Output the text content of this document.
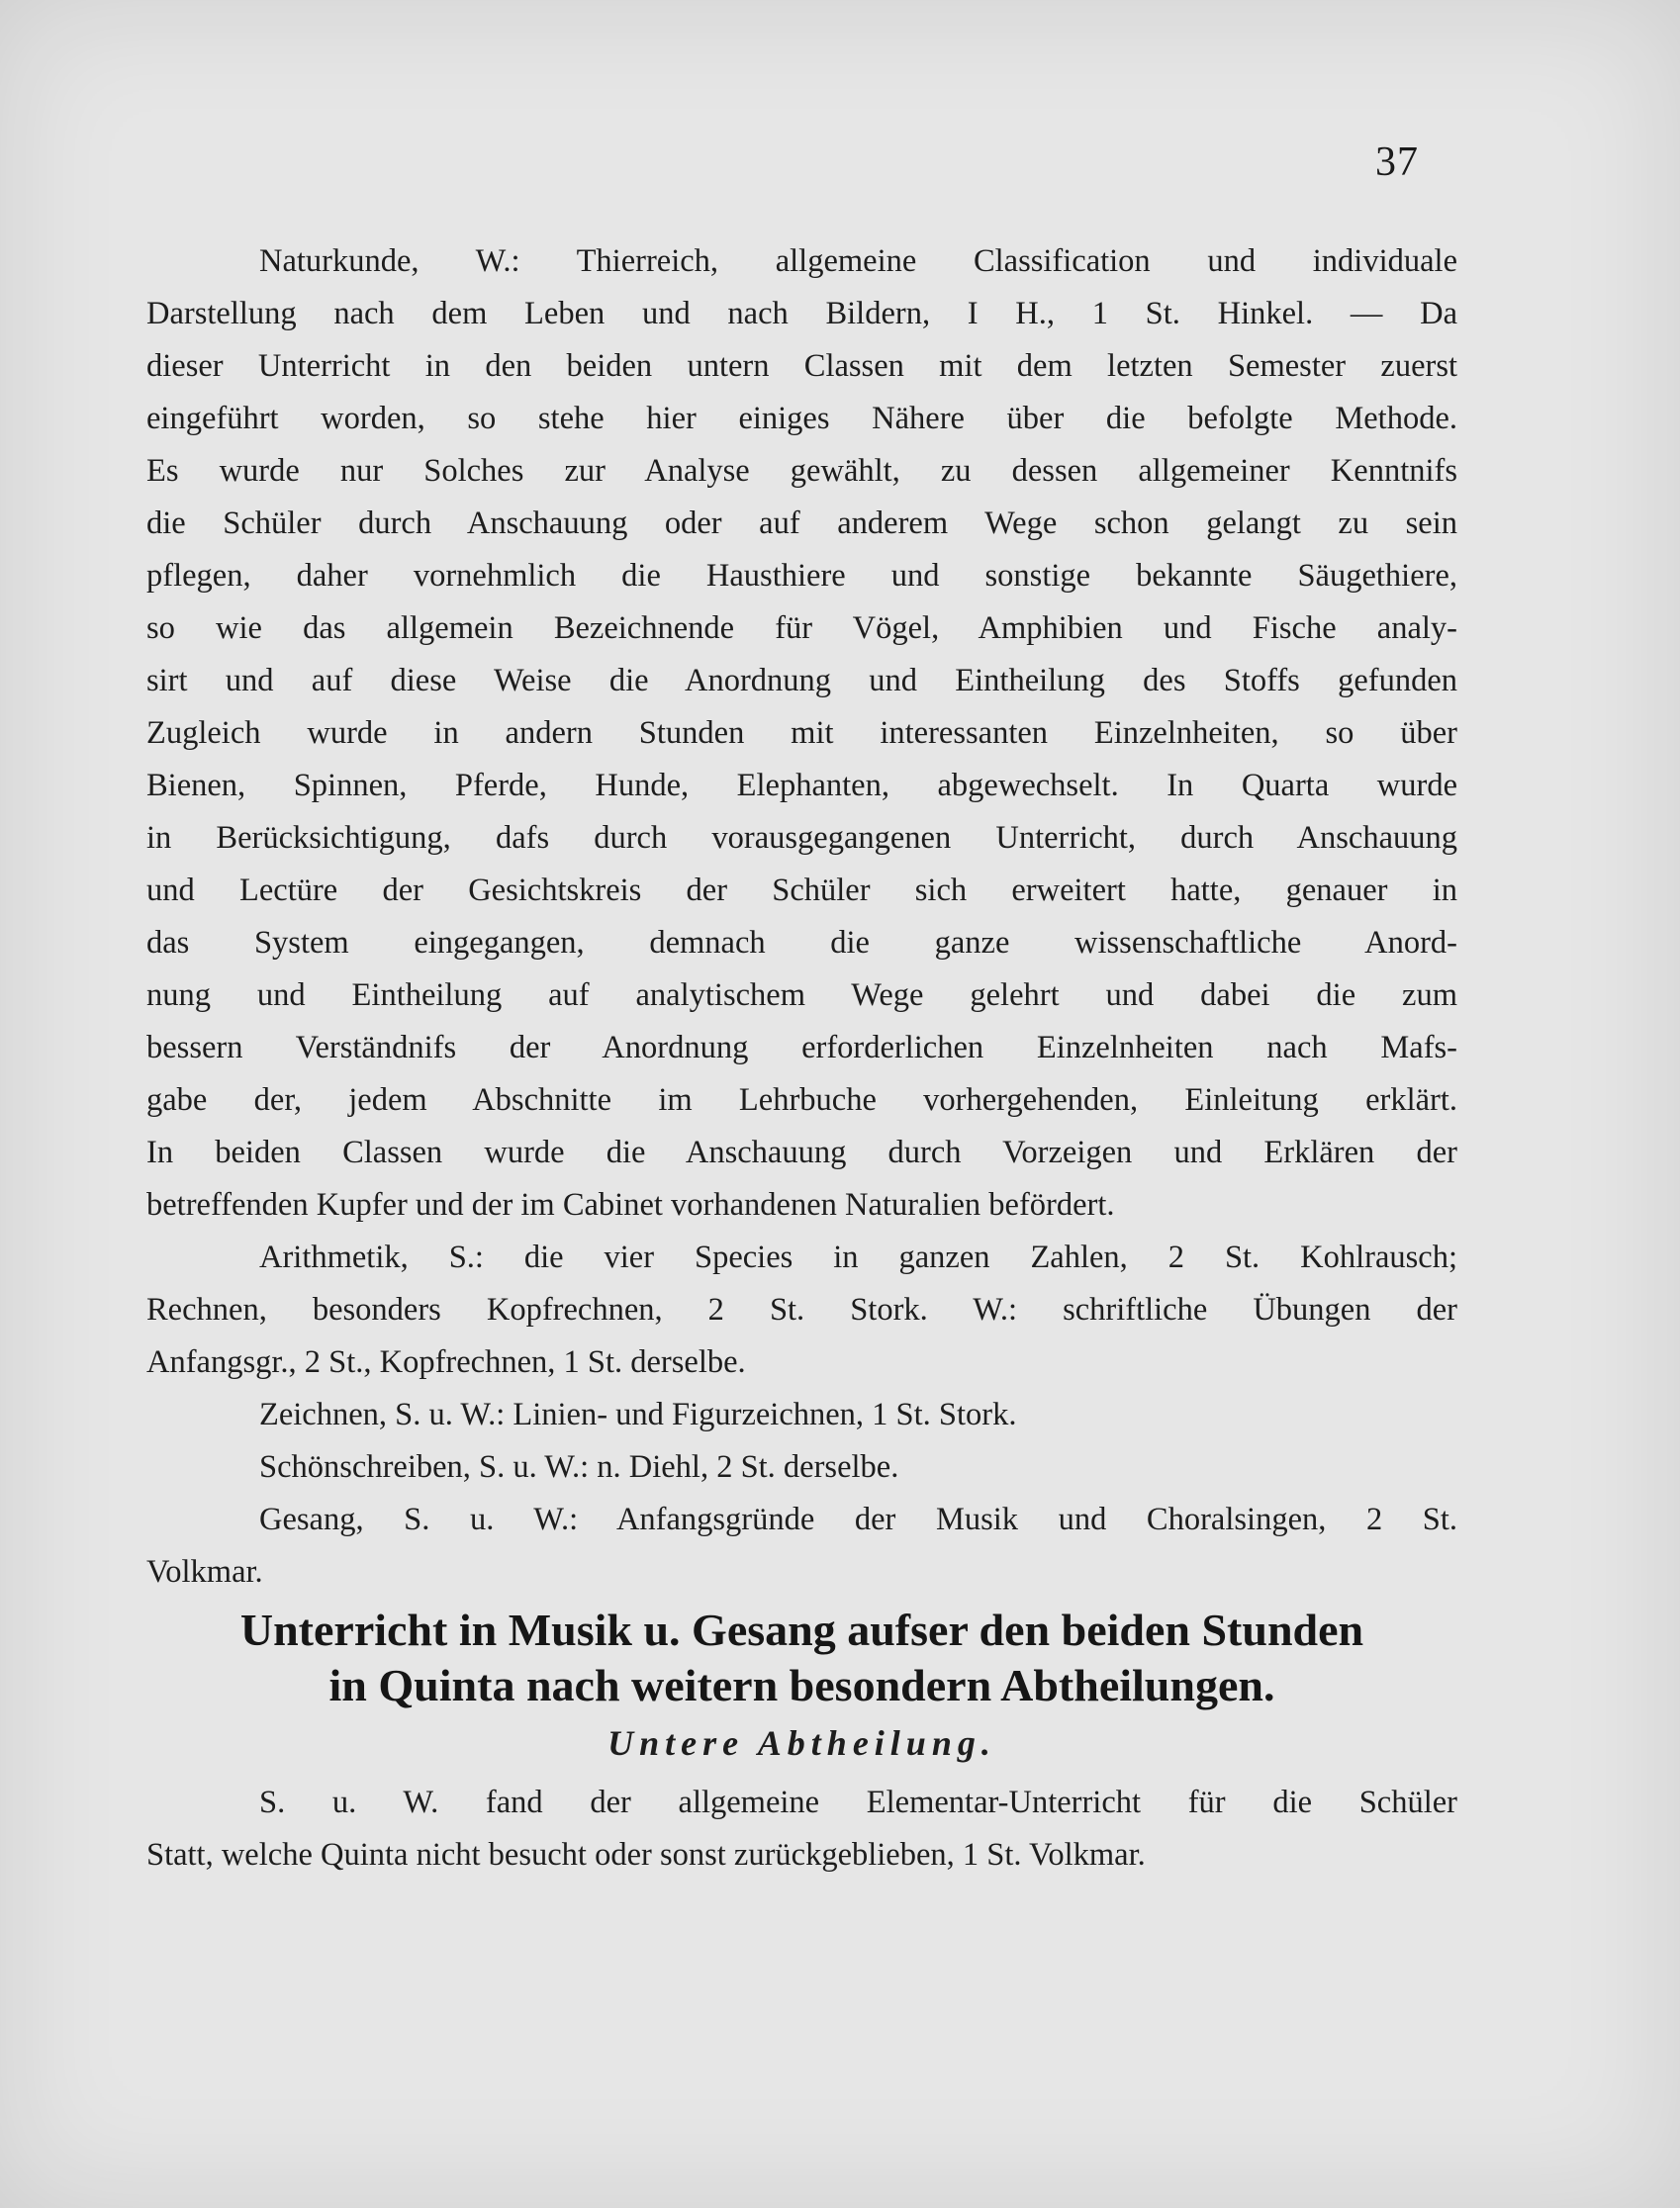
37

Naturkunde, W.: Thierreich, allgemeine Classification und individuale

Darstellung nach dem Leben und nach Bildern, I H., 1 St. Hinkel. — Da

dieser Unterricht in den beiden untern Classen mit dem letzten Semester zuerst

eingeführt worden, so stehe hier einiges Nähere über die befolgte Methode.

Es wurde nur Solches zur Analyse gewählt, zu dessen allgemeiner Kenntnifs

die Schüler durch Anschauung oder auf anderem Wege schon gelangt zu sein

pflegen, daher vornehmlich die Hausthiere und sonstige bekannte Säugethiere,

so wie das allgemein Bezeichnende für Vögel, Amphibien und Fische analy-

sirt und auf diese Weise die Anordnung und Eintheilung des Stoffs gefunden

Zugleich wurde in andern Stunden mit interessanten Einzelnheiten, so über

Bienen, Spinnen, Pferde, Hunde, Elephanten, abgewechselt. In Quarta wurde

in Berücksichtigung, dafs durch vorausgegangenen Unterricht, durch Anschauung

und Lectüre der Gesichtskreis der Schüler sich erweitert hatte, genauer in

das System eingegangen, demnach die ganze wissenschaftliche Anord-

nung und Eintheilung auf analytischem Wege gelehrt und dabei die zum

bessern Verständnifs der Anordnung erforderlichen Einzelnheiten nach Mafs-

gabe der, jedem Abschnitte im Lehrbuche vorhergehenden, Einleitung erklärt.

In beiden Classen wurde die Anschauung durch Vorzeigen und Erklären der

betreffenden Kupfer und der im Cabinet vorhandenen Naturalien befördert.

Arithmetik, S.: die vier Species in ganzen Zahlen, 2 St. Kohlrausch;

Rechnen, besonders Kopfrechnen, 2 St. Stork. W.: schriftliche Übungen der

Anfangsgr., 2 St., Kopfrechnen, 1 St. derselbe.

Zeichnen, S. u. W.: Linien- und Figurzeichnen, 1 St. Stork.

Schönschreiben, S. u. W.: n. Diehl, 2 St. derselbe.

Gesang, S. u. W.: Anfangsgründe der Musik und Choralsingen, 2 St.

Volkmar.

Unterricht in Musik u. Gesang aufser den beiden Stunden
in Quinta nach weitern besondern Abtheilungen.
Untere Abtheilung.

S. u. W. fand der allgemeine Elementar-Unterricht für die Schüler

Statt, welche Quinta nicht besucht oder sonst zurückgeblieben, 1 St. Volkmar.
